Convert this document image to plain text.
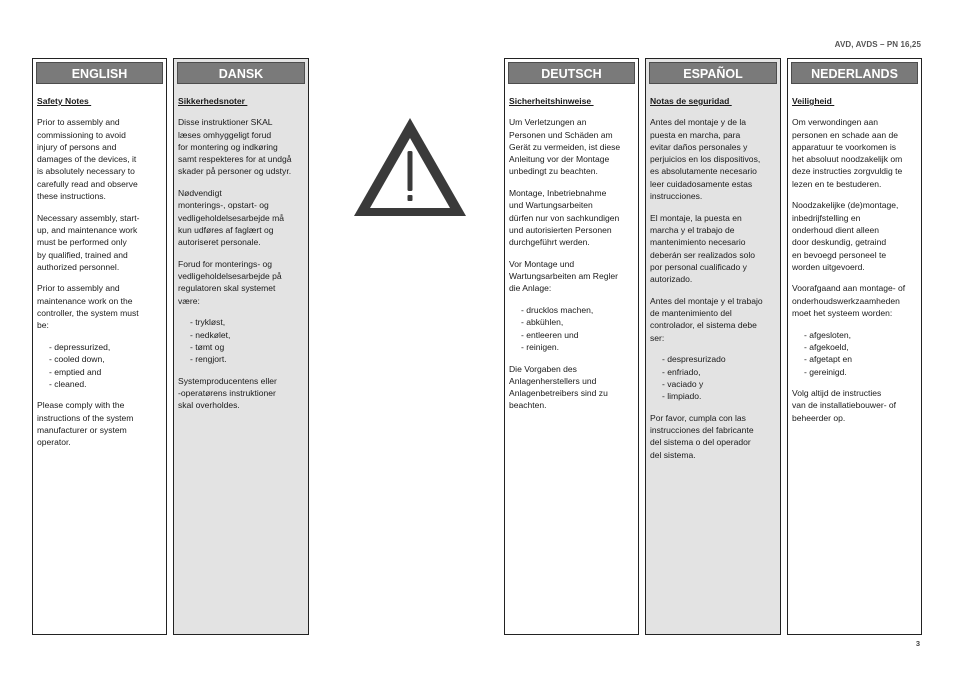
AVD, AVDS – PN 16,25
ENGLISH
Safety Notes
Prior to assembly and
commissioning to avoid
injury of persons and
damages of the devices, it
is absolutely necessary to
carefully read and observe
these instructions.
Necessary assembly, start-
up, and maintenance work
must be performed only
by qualified, trained and
authorized personnel.
Prior to assembly and
maintenance work on the
controller, the system must
be:
- depressurized,
- cooled down,
- emptied and
- cleaned.
Please comply with the
instructions of the system
manufacturer or system
operator.
DANSK
Sikkerhedsnoter
Disse instruktioner SKAL
læses omhyggeligt forud
for montering og indkøring
samt respekteres for at undgå
skader på personer og udstyr.
Nødvendigt
monterings-, opstart- og
vedligeholdelsesarbejde må
kun udføres af faglært og
autoriseret personale.
Forud for monterings- og
vedligeholdelsesarbejde på
regulatoren skal systemet
være:
- trykløst,
- nedkølet,
- tømt og
- rengjort.
Systemproducentens eller
-operatørens instruktioner
skal overholdes.
DEUTSCH
Sicherheitshinweise
Um Verletzungen an
Personen und Schäden am
Gerät zu vermeiden, ist diese
Anleitung vor der Montage
unbedingt zu beachten.
Montage, Inbetriebnahme
und Wartungsarbeiten
dürfen nur von sachkundigen
und autorisierten Personen
durchgeführt werden.
Vor Montage und
Wartungsarbeiten am Regler
die Anlage:
- drucklos machen,
- abkühlen,
- entleeren und
- reinigen.
Die Vorgaben des
Anlagenherstellers und
Anlagenbetreibers sind zu
beachten.
ESPAÑOL
Notas de seguridad
Antes del montaje y de la
puesta en marcha, para
evitar daños personales y
perjuicios en los dispositivos,
es absolutamente necesario
leer cuidadosamente estas
instrucciones.
El montaje, la puesta en
marcha y el trabajo de
mantenimiento necesario
deberán ser realizados solo
por personal cualificado y
autorizado.
Antes del montaje y el trabajo
de mantenimiento del
controlador, el sistema debe
ser:
- despresurizado
- enfriado,
- vaciado y
- limpiado.
Por favor, cumpla con las
instrucciones del fabricante
del sistema o del operador
del sistema.
NEDERLANDS
Veiligheid
Om verwondingen aan
personen en schade aan de
apparatuur te voorkomen is
het absoluut noodzakelijk om
deze instructies zorgvuldig te
lezen en te bestuderen.
Noodzakelijke (de)montage,
inbedrijfstelling en
onderhoud dient alleen
door deskundig, getraind
en bevoegd personeel te
worden uitgevoerd.
Voorafgaand aan montage- of
onderhoudswerkzaamheden
moet het systeem worden:
- afgesloten,
- afgekoeld,
- afgetapt en
- gereinigd.
Volg altijd de instructies
van de installatiebouwer- of
beheerder op.
3
